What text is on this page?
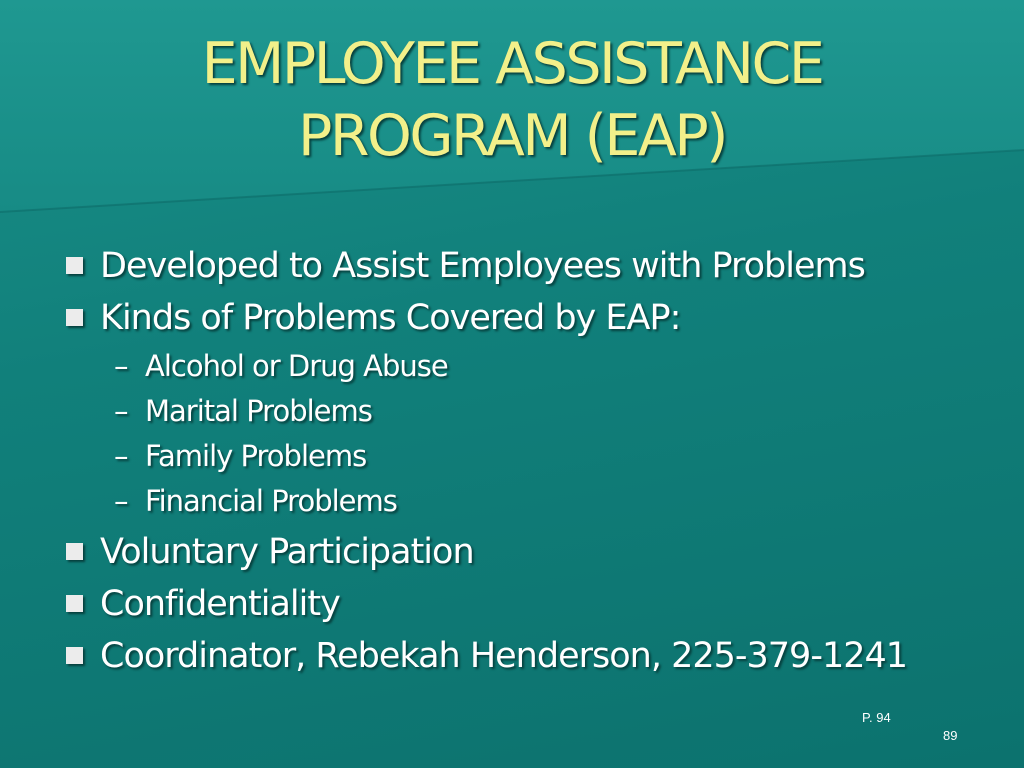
EMPLOYEE ASSISTANCE
PROGRAM (EAP)
Developed to Assist Employees with Problems
Kinds of Problems Covered by EAP:
– Alcohol or Drug Abuse
– Marital Problems
– Family Problems
– Financial Problems
Voluntary Participation
Confidentiality
Coordinator, Rebekah Henderson, 225-379-1241
P. 94
89
